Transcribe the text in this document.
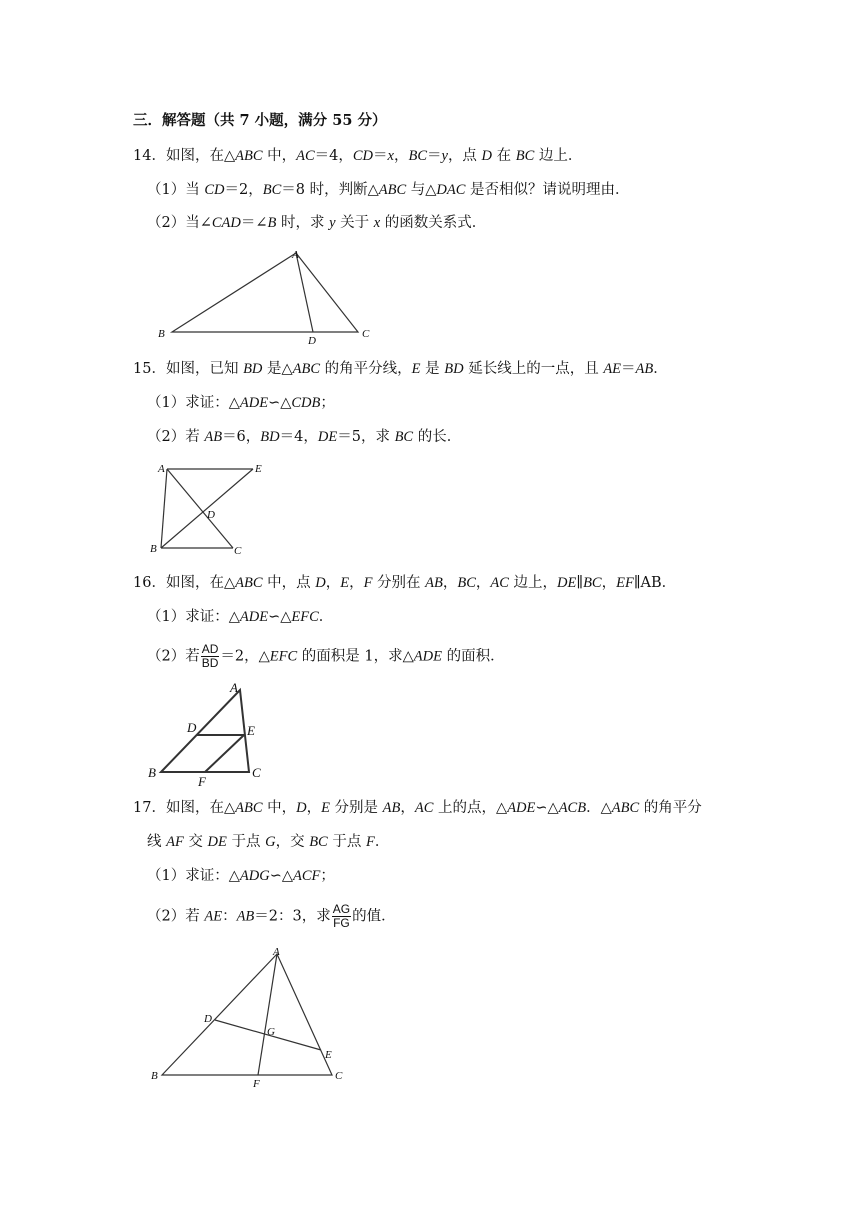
三．解答题（共 7 小题，满分 55 分）
14．如图，在△ABC 中，AC＝4，CD＝x，BC＝y，点 D 在 BC 边上．
（1）当 CD＝2，BC＝8 时，判断△ABC 与△DAC 是否相似？请说明理由．
（2）当∠CAD＝∠B 时，求 y 关于 x 的函数关系式．
A
B	C
D
15．如图，已知 BD 是△ABC 的角平分线，E 是 BD 延长线上的一点，且 AE＝AB．
（1）求证：△ADE∽△CDB；
（2）若 AB＝6，BD＝4，DE＝5，求 BC 的长．
A	E
D
B	C
16．如图，在△ABC 中，点 D，E，F 分别在 AB，BC，AC 边上，DE∥BC，EF∥AB．
（1）求证：△ADE∽△EFC．
（2）若 $\frac{AD}{BD} =2$，△EFC 的面积是 1，求△ADE 的面积．
A
D	E
B
F
C
17．如图，在△ABC 中，D，E 分别是 AB，AC 上的点，△ADE∽△ACB．△ABC 的角平分
线 AF 交 DE 于点 G，交 BC 于点 F．
（1）求证：△ADG∽△ACF；
（2）若 AE：AB＝2：3，求 $\frac{AG}{FG}$ 的值．
A
D
G
E
B
F
C
